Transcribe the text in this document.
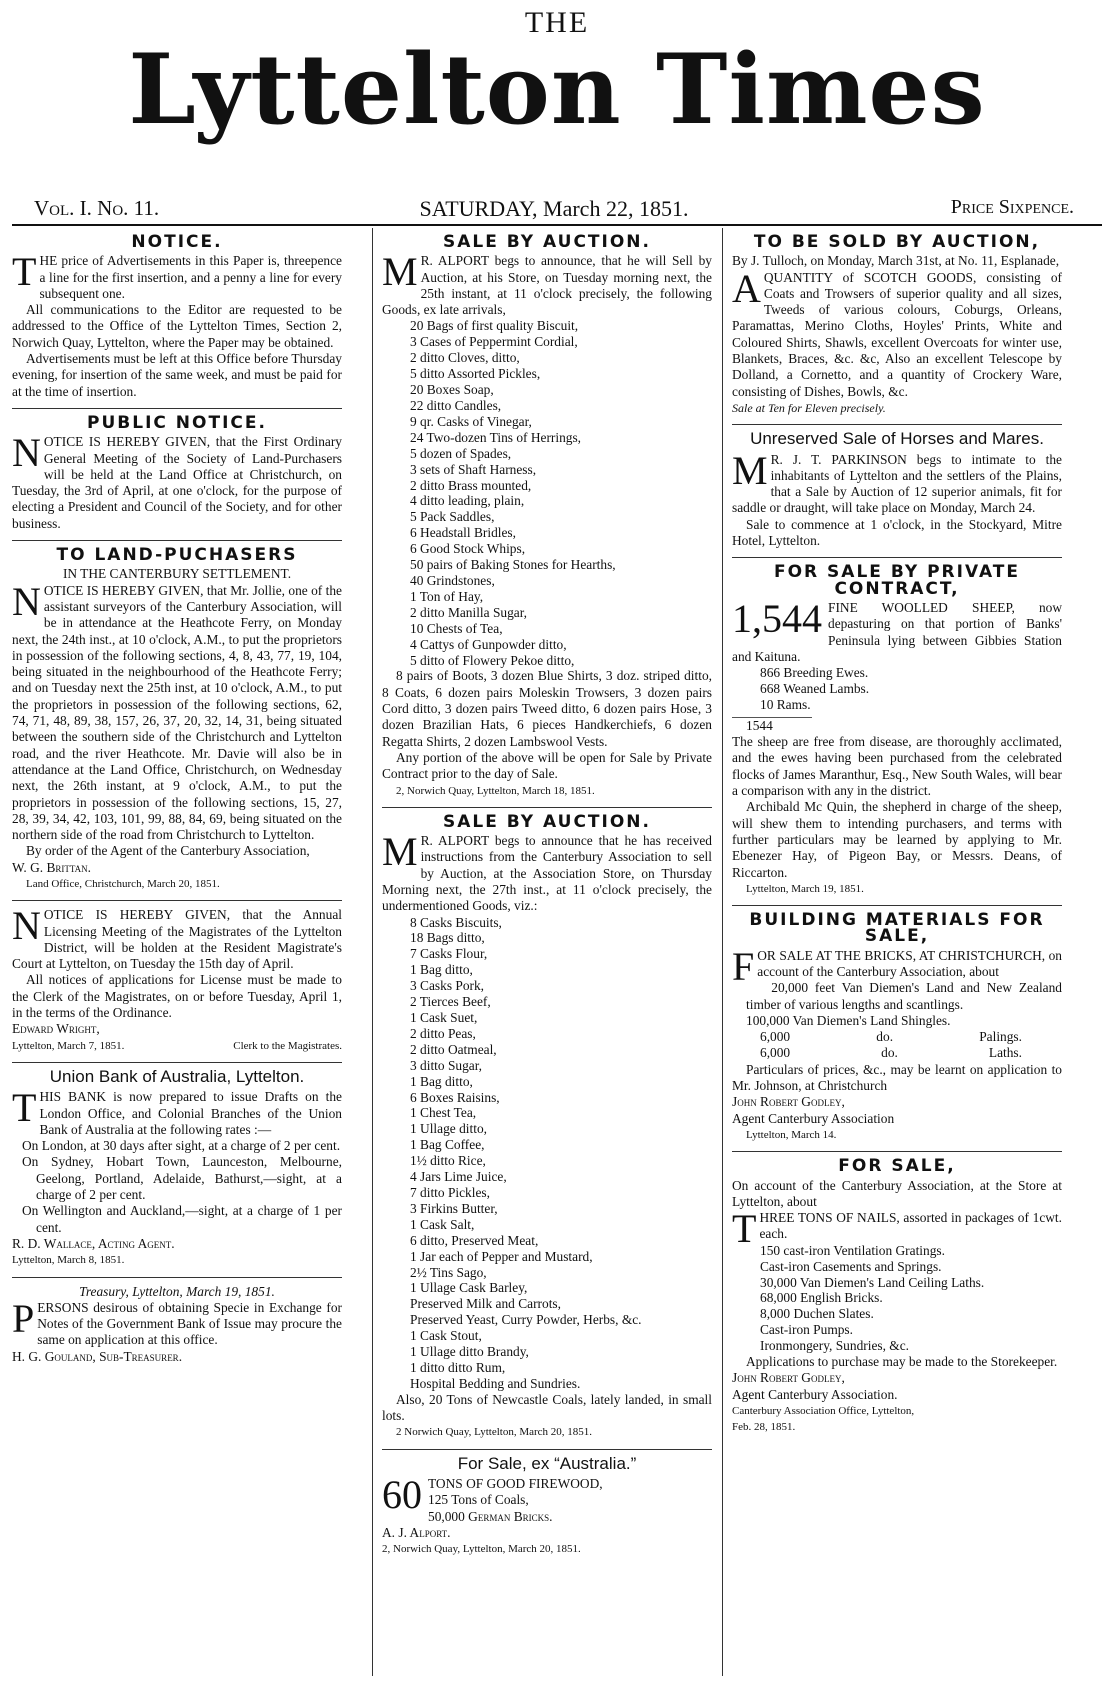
THE
Lyttelton Times
Vol. I. No. 11.	SATURDAY, March 22, 1851.	Price Sixpence.
NOTICE.

THE price of Advertisements in this Paper is, threepence a line for the first insertion, and a penny a line for every subsequent one.

All communications to the Editor are requested to be addressed to the Office of the Lyttelton Times, Section 2, Norwich Quay, Lyttelton, where the Paper may be obtained.

Advertisements must be left at this Office before Thursday evening, for insertion of the same week, and must be paid for at the time of insertion.

PUBLIC NOTICE.

NOTICE IS HEREBY GIVEN, that the First Ordinary General Meeting of the Society of Land-Purchasers will be held at the Land Office at Christchurch, on Tuesday, the 3rd of April, at one o'clock, for the purpose of electing a President and Council of the Society, and for other business.

TO LAND-PUCHASERS
IN THE CANTERBURY SETTLEMENT.

NOTICE IS HEREBY GIVEN, that Mr. Jollie, one of the assistant surveyors of the Canterbury Association, will be in attendance at the Heathcote Ferry, on Monday next, the 24th inst., at 10 o'clock, A.M., to put the proprietors in possession of the following sections, 4, 8, 43, 77, 19, 104, being situated in the neighbourhood of the Heathcote Ferry; and on Tuesday next the 25th inst, at 10 o'clock, A.M., to put the proprietors in possession of the following sections, 62, 74, 71, 48, 89, 38, 157, 26, 37, 20, 32, 14, 31, being situated between the southern side of the Christchurch and Lyttelton road, and the river Heathcote. Mr. Davie will also be in attendance at the Land Office, Christchurch, on Wednesday next, the 26th instant, at 9 o'clock, A.M., to put the proprietors in possession of the following sections, 15, 27, 28, 39, 34, 42, 103, 101, 99, 88, 84, 69, being situated on the northern side of the road from Christchurch to Lyttelton.

By order of the Agent of the Canterbury Association,

W. G. Brittan.

Land Office, Christchurch, March 20, 1851.

NOTICE IS HEREBY GIVEN, that the Annual Licensing Meeting of the Magistrates of the Lyttelton District, will be holden at the Resident Magistrate's Court at Lyttelton, on Tuesday the 15th day of April.

All notices of applications for License must be made to the Clerk of the Magistrates, on or before Tuesday, April 1, in the terms of the Ordinance.

Edward Wright,

Lyttelton, March 7, 1851.	Clerk to the Magistrates.
Union Bank of Australia, Lyttelton.

THIS BANK is now prepared to issue Drafts on the London Office, and Colonial Branches of the Union Bank of Australia at the following rates :—

On London, at 30 days after sight, at a charge of 2 per cent.

On Sydney, Hobart Town, Launceston, Melbourne, Geelong, Portland, Adelaide, Bathurst,—sight, at a charge of 2 per cent.

On Wellington and Auckland,—sight, at a charge of 1 per cent.

R. D. Wallace, Acting Agent.

Lyttelton, March 8, 1851.

Treasury, Lyttelton, March 19, 1851.

PERSONS desirous of obtaining Specie in Exchange for Notes of the Government Bank of Issue may procure the same on application at this office.

H. G. Gouland, Sub-Treasurer.

SALE BY AUCTION.

M R. ALPORT begs to announce, that he will Sell by Auction, at his Store, on Tuesday morning next, the 25th instant, at 11 o'clock precisely, the following Goods, ex late arrivals,

20 Bags of first quality Biscuit,
3 Cases of Peppermint Cordial,
2 ditto Cloves, ditto,
5 ditto Assorted Pickles,
20 Boxes Soap,
22 ditto Candles,
9 qr. Casks of Vinegar,
24 Two-dozen Tins of Herrings,
5 dozen of Spades,
3 sets of Shaft Harness,
2 ditto Brass mounted,
4 ditto leading, plain,
5 Pack Saddles,
6 Headstall Bridles,
6 Good Stock Whips,
50 pairs of Baking Stones for Hearths,
40 Grindstones,
1 Ton of Hay,
2 ditto Manilla Sugar,
10 Chests of Tea,
4 Cattys of Gunpowder ditto,
5 ditto of Flowery Pekoe ditto,

8 pairs of Boots, 3 dozen Blue Shirts, 3 doz. striped ditto, 8 Coats, 6 dozen pairs Moleskin Trowsers, 3 dozen pairs Cord ditto, 3 dozen pairs Tweed ditto, 6 dozen pairs Hose, 3 dozen Brazilian Hats, 6 pieces Handkerchiefs, 6 dozen Regatta Shirts, 2 dozen Lambswool Vests.

Any portion of the above will be open for Sale by Private Contract prior to the day of Sale.

2, Norwich Quay, Lyttelton, March 18, 1851.

SALE BY AUCTION.

M R. ALPORT begs to announce that he has received instructions from the Canterbury Association to sell by Auction, at the Association Store, on Thursday Morning next, the 27th inst., at 11 o'clock precisely, the undermentioned Goods, viz.:

8 Casks Biscuits,
18 Bags ditto,
7 Casks Flour,
1 Bag ditto,
3 Casks Pork,
2 Tierces Beef,
1 Cask Suet,
2 ditto Peas,
2 ditto Oatmeal,
3 ditto Sugar,
1 Bag ditto,
6 Boxes Raisins,
1 Chest Tea,
1 Ullage ditto,
1 Bag Coffee,
1½ ditto Rice,
4 Jars Lime Juice,
7 ditto Pickles,
3 Firkins Butter,
1 Cask Salt,
6 ditto, Preserved Meat,
1 Jar each of Pepper and Mustard,
2½ Tins Sago,
1 Ullage Cask Barley,
Preserved Milk and Carrots,
Preserved Yeast, Curry Powder, Herbs, &c.
1 Cask Stout,
1 Ullage ditto Brandy,
1 ditto ditto Rum,
Hospital Bedding and Sundries.

Also, 20 Tons of Newcastle Coals, lately landed, in small lots.

2 Norwich Quay, Lyttelton, March 20, 1851.

For Sale, ex “Australia.”

60 TONS OF GOOD FIREWOOD,

125 Tons of Coals,

50,000 German Bricks.

A. J. Alport.

2, Norwich Quay, Lyttelton, March 20, 1851.

TO BE SOLD BY AUCTION,

By J. Tulloch, on Monday, March 31st, at No. 11, Esplanade,

A QUANTITY of SCOTCH GOODS, consisting of Coats and Trowsers of superior quality and all sizes, Tweeds of various colours, Coburgs, Orleans, Paramattas, Merino Cloths, Hoyles' Prints, White and Coloured Shirts, Shawls, excellent Overcoats for winter use, Blankets, Braces, &c. &c, Also an excellent Telescope by Dolland, a Cornetto, and a quantity of Crockery Ware, consisting of Dishes, Bowls, &c.

Sale at Ten for Eleven precisely.

Unreserved Sale of Horses and Mares.

M R. J. T. PARKINSON begs to intimate to the inhabitants of Lyttelton and the settlers of the Plains, that a Sale by Auction of 12 superior animals, fit for saddle or draught, will take place on Monday, March 24.

Sale to commence at 1 o'clock, in the Stockyard, Mitre Hotel, Lyttelton.

FOR SALE BY PRIVATE CONTRACT,

1,544 FINE WOOLLED SHEEP, now depasturing on that portion of Banks' Peninsula lying between Gibbies Station and Kaituna.

866 Breeding Ewes.
668 Weaned Lambs.
10 Rams.

1544

The sheep are free from disease, are thoroughly acclimated, and the ewes having been purchased from the celebrated flocks of James Maranthur, Esq., New South Wales, will bear a comparison with any in the district.

Archibald Mc Quin, the shepherd in charge of the sheep, will shew them to intending purchasers, and terms with further particulars may be learned by applying to Mr. Ebenezer Hay, of Pigeon Bay, or Messrs. Deans, of Riccarton.

Lyttelton, March 19, 1851.

BUILDING MATERIALS FOR SALE,

FOR SALE AT THE BRICKS, AT CHRISTCHURCH, on account of the Canterbury Association, about

20,000 feet Van Diemen's Land and New Zealand timber of various lengths and scantlings.

100,000 Van Diemen's Land Shingles.

6,000	do.	Palings.
6,000	do.	Laths.

Particulars of prices, &c., may be learnt on application to Mr. Johnson, at Christchurch

John Robert Godley,

Agent Canterbury Association

Lyttelton, March 14.

FOR SALE,

On account of the Canterbury Association, at the Store at Lyttelton, about

THREE TONS OF NAILS, assorted in packages of 1cwt. each.

150 cast-iron Ventilation Gratings.
Cast-iron Casements and Springs.
30,000 Van Diemen's Land Ceiling Laths.
68,000 English Bricks.
8,000 Duchen Slates.
Cast-iron Pumps.
Ironmongery, Sundries, &c.

Applications to purchase may be made to the Storekeeper.

John Robert Godley,

Agent Canterbury Association.

Canterbury Association Office, Lyttelton,

Feb. 28, 1851.
